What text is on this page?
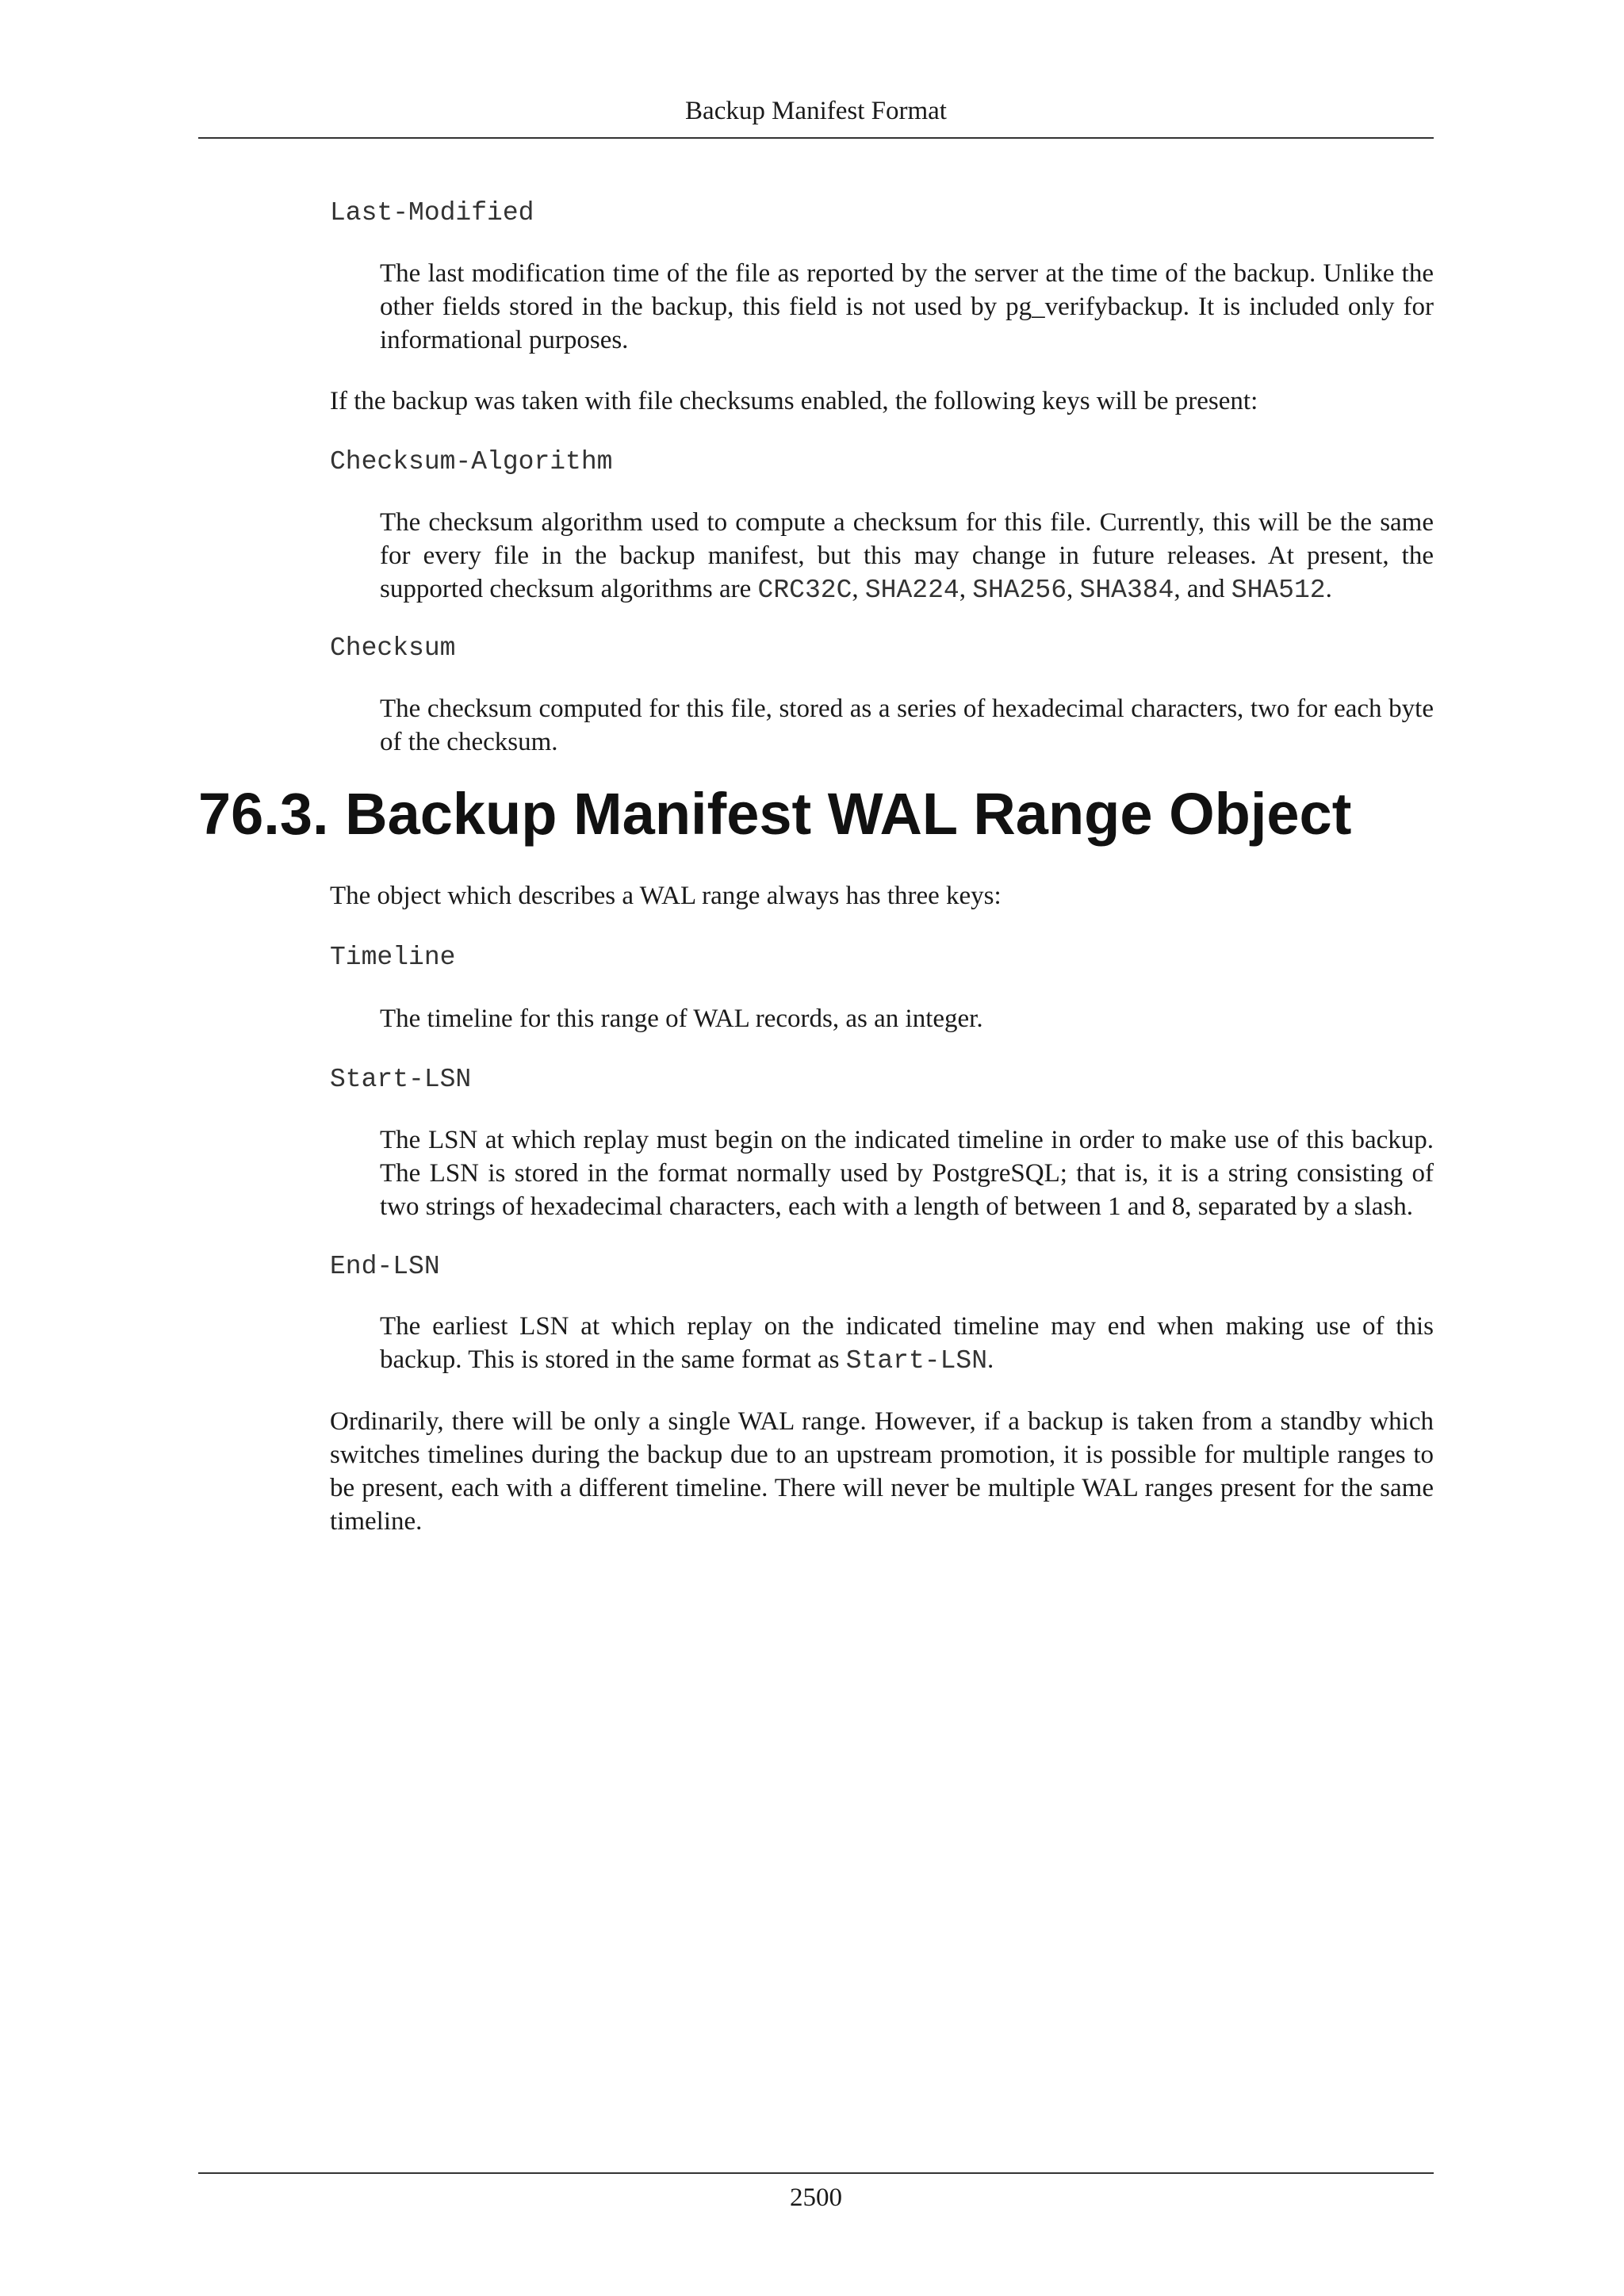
Backup Manifest Format
Last-Modified
The last modification time of the file as reported by the server at the time of the backup. Unlike the other fields stored in the backup, this field is not used by pg_verifybackup. It is included only for informational purposes.
If the backup was taken with file checksums enabled, the following keys will be present:
Checksum-Algorithm
The checksum algorithm used to compute a checksum for this file. Currently, this will be the same for every file in the backup manifest, but this may change in future releases. At present, the supported checksum algorithms are CRC32C, SHA224, SHA256, SHA384, and SHA512.
Checksum
The checksum computed for this file, stored as a series of hexadecimal characters, two for each byte of the checksum.
76.3. Backup Manifest WAL Range Object
The object which describes a WAL range always has three keys:
Timeline
The timeline for this range of WAL records, as an integer.
Start-LSN
The LSN at which replay must begin on the indicated timeline in order to make use of this backup. The LSN is stored in the format normally used by PostgreSQL; that is, it is a string consisting of two strings of hexadecimal characters, each with a length of between 1 and 8, separated by a slash.
End-LSN
The earliest LSN at which replay on the indicated timeline may end when making use of this backup. This is stored in the same format as Start-LSN.
Ordinarily, there will be only a single WAL range. However, if a backup is taken from a standby which switches timelines during the backup due to an upstream promotion, it is possible for multiple ranges to be present, each with a different timeline. There will never be multiple WAL ranges present for the same timeline.
2500
